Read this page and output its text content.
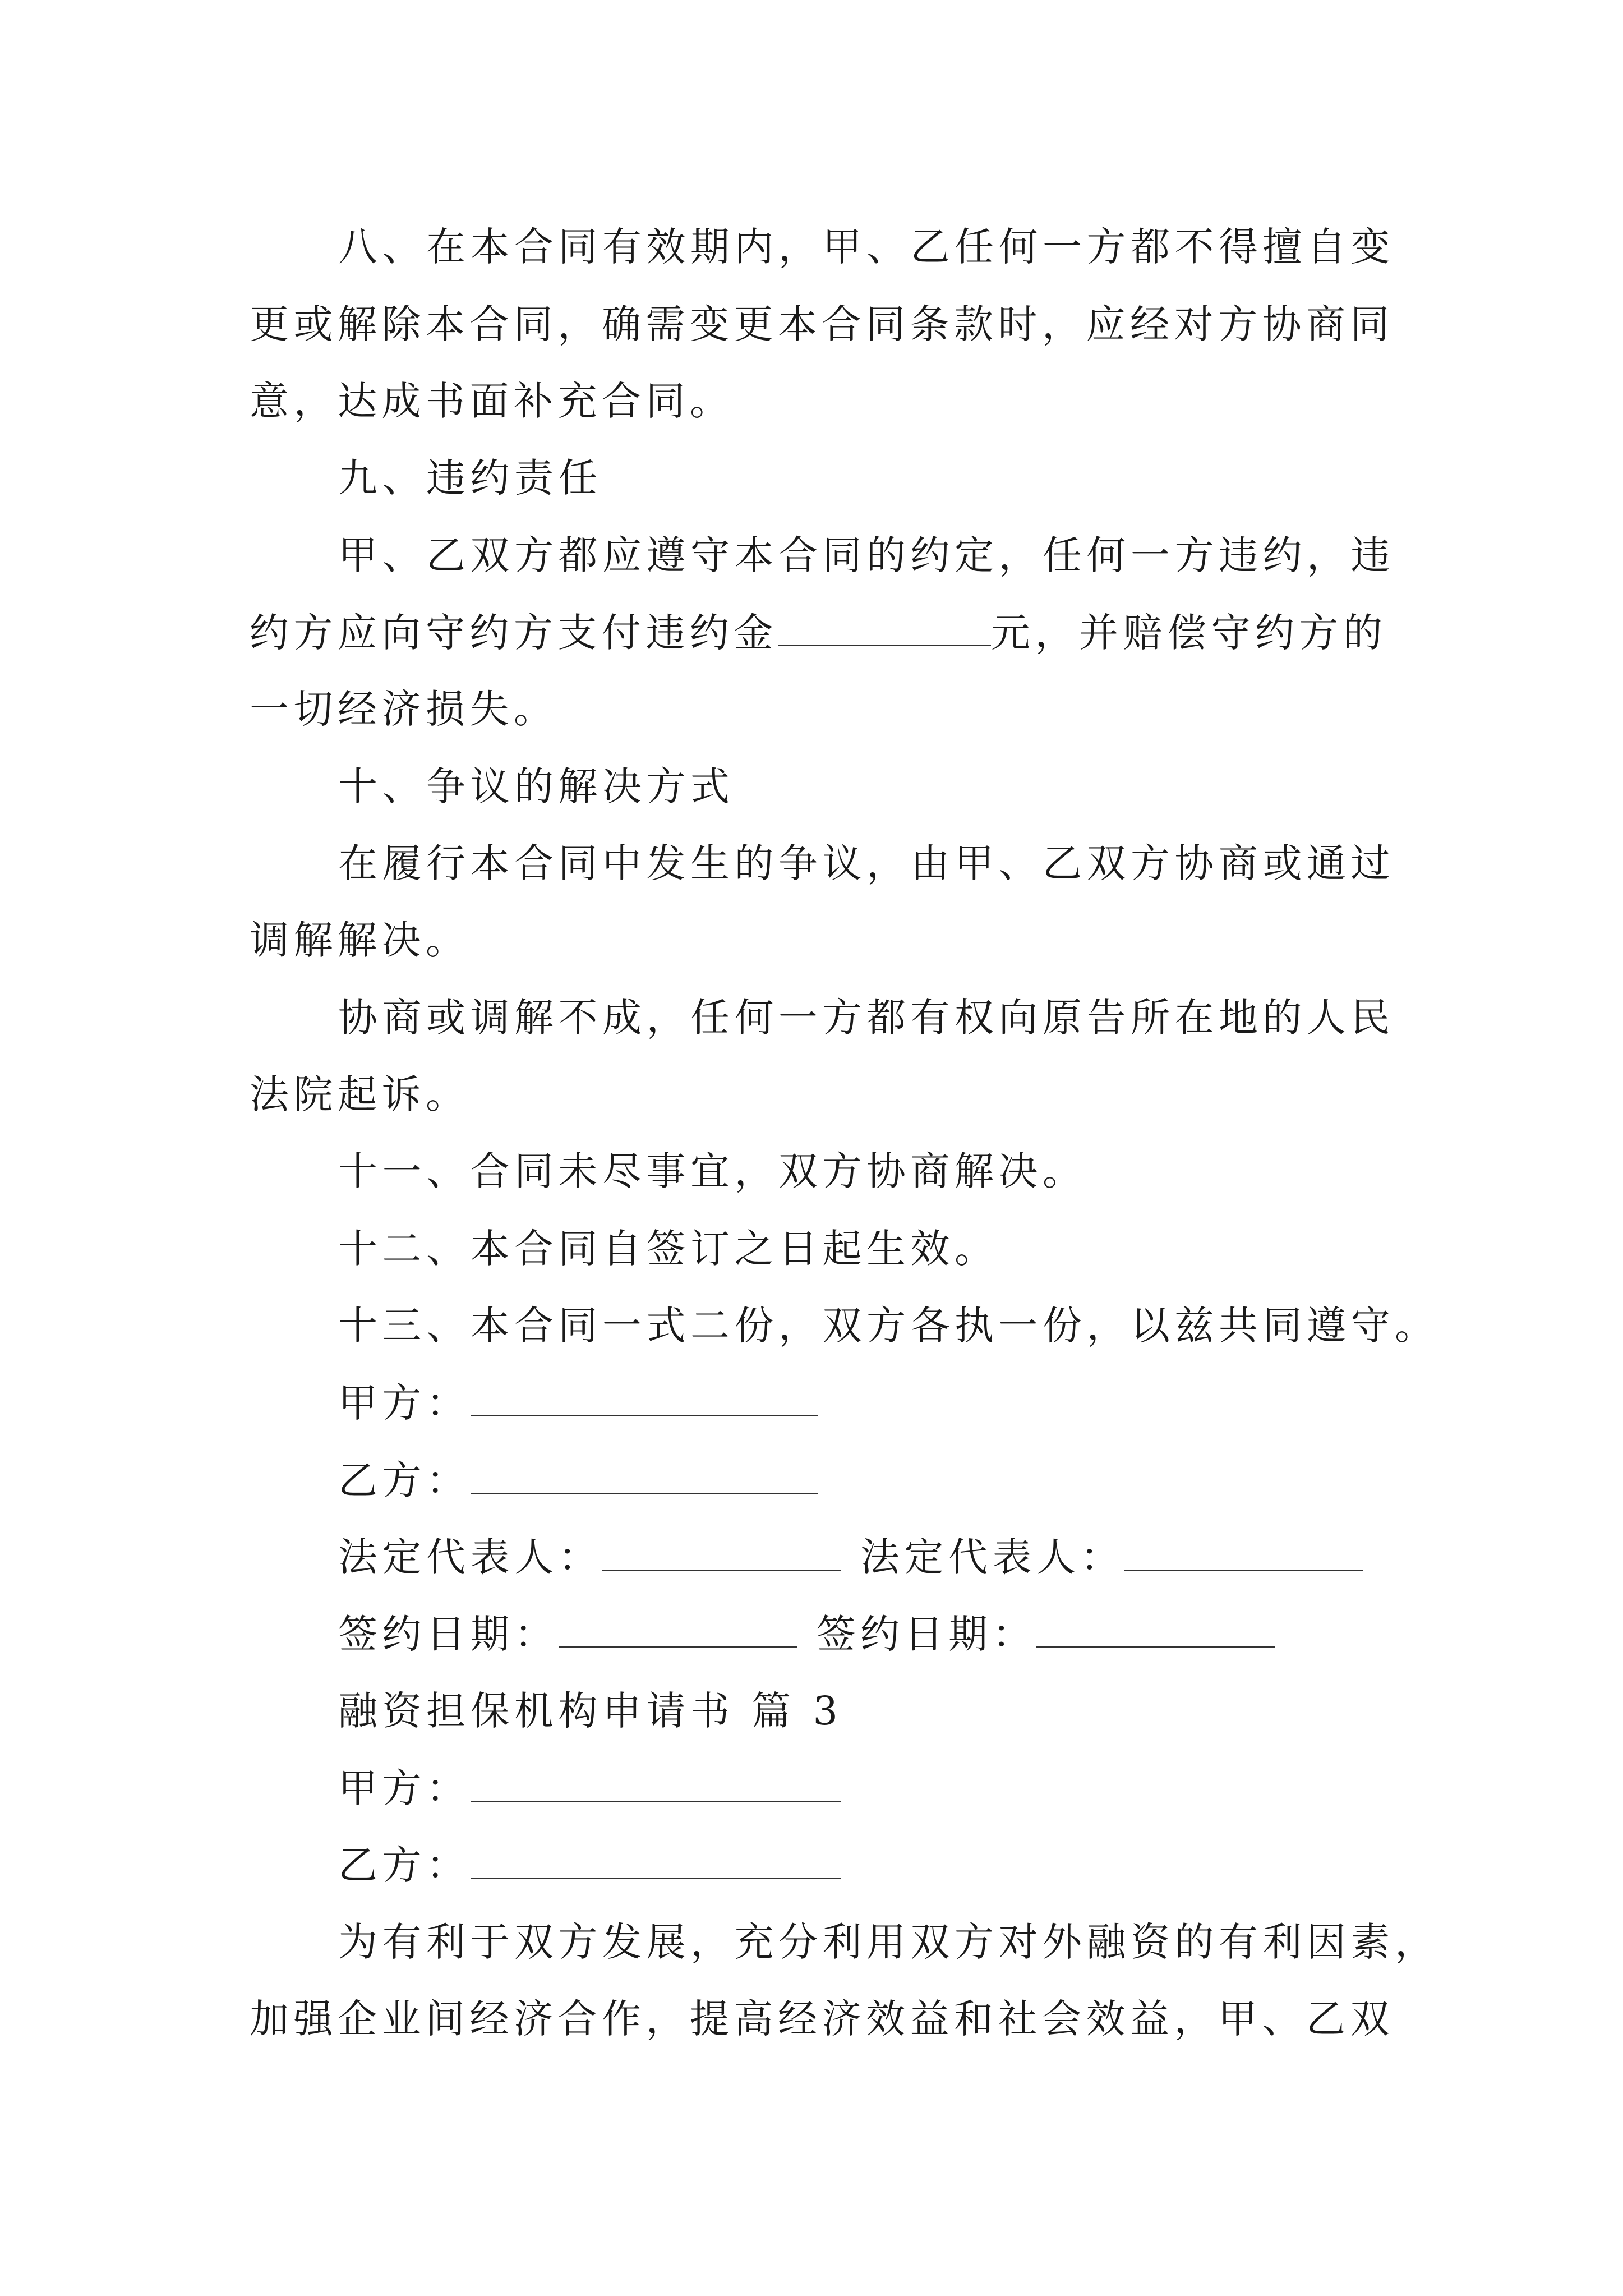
八、在本合同有效期内，甲、乙任何一方都不得擅自变
更或解除本合同，确需变更本合同条款时，应经对方协商同
意，达成书面补充合同。
九、违约责任
甲、乙双方都应遵守本合同的约定，任何一方违约，违
约方应向守约方支付违约金	元，并赔偿守约方的
一切经济损失。
十、争议的解决方式
在履行本合同中发生的争议，由甲、乙双方协商或通过
调解解决。
协商或调解不成，任何一方都有权向原告所在地的人民
法院起诉。
十一、合同未尽事宜，双方协商解决。
十二、本合同自签订之日起生效。
十三、本合同一式二份，双方各执一份，以兹共同遵守。
甲方：
乙方：
法定代表人：	法定代表人：
签约日期：	签约日期：
融资担保机构申请书 篇 3
甲方：
乙方：
为有利于双方发展，充分利用双方对外融资的有利因素，
加强企业间经济合作，提高经济效益和社会效益，甲、乙双
